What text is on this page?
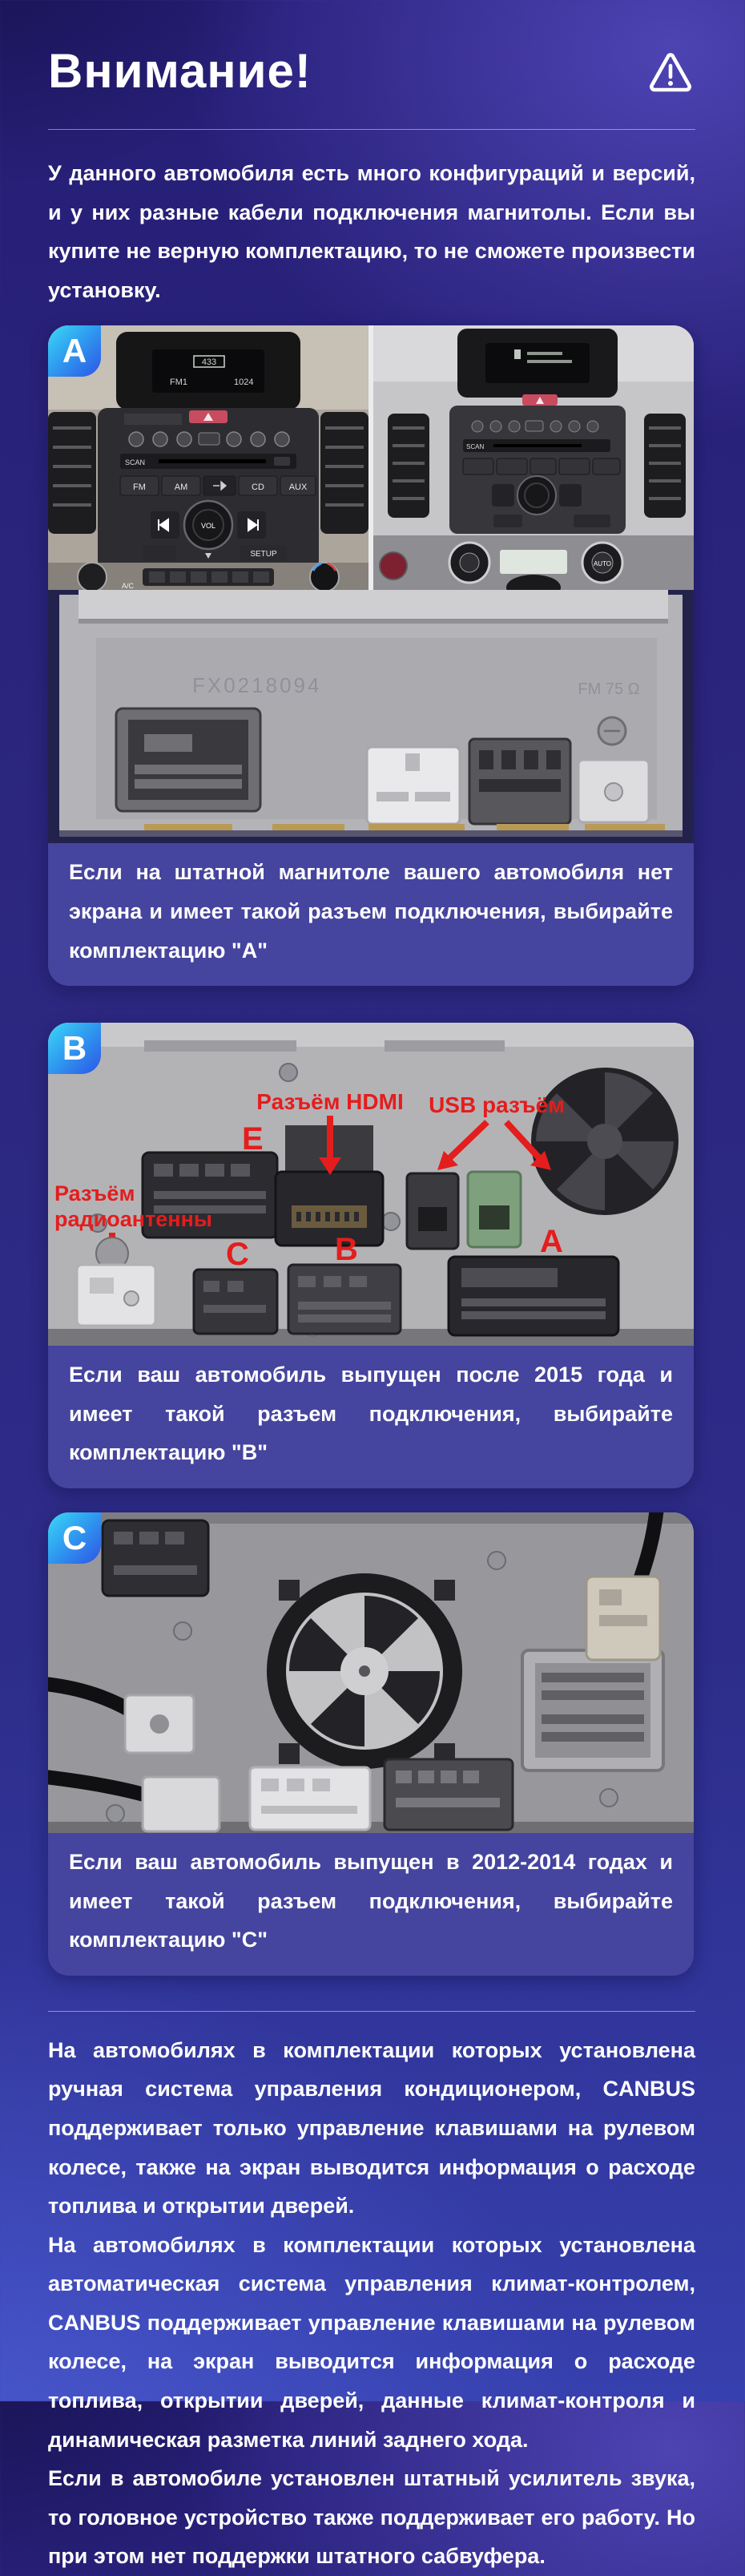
Внимание!

У данного автомобиля есть много конфигураций и версий, и у них разные кабели подключения магнитолы. Если вы купите не верную комплектацию, то не сможете произвести установку.

A	433
FM1	1024
SCAN
FM	AM	CD	AUX
VOL
SETUP
A/C
SCAN
AUTO
FX0218094	FM 75 Ω

Если на штатной магнитоле вашего автомобиля нет экрана и имеет такой разъем подключения, выбирайте комплектацию "А"

B
E
Разъём HDMI USB разъём
A
C	B
Разъём
радиоантенны

Если ваш автомобиль выпущен после 2015 года и имеет такой разъем подключения, выбирайте комплектацию "B"

C

Если ваш автомобиль выпущен в 2012-2014 годах и имеет такой разъем подключения, выбирайте комплектацию "C"

На автомобилях в комплектации которых установлена ручная система управления кондиционером, CANBUS поддерживает только управление клавишами на рулевом колесе, также на экран выводится информация о расходе топлива и открытии дверей.

На автомобилях в комплектации которых установлена автоматическая система управления климат-контролем, CANBUS поддерживает управление клавишами на рулевом колесе, на экран выводится информация о расходе топлива, открытии дверей, данные климат-контроля и динамическая разметка линий заднего хода.

Если в автомобиле установлен штатный усилитель звука, то головное устройство также поддерживает его работу. Но при этом нет поддержки штатного сабвуфера.
